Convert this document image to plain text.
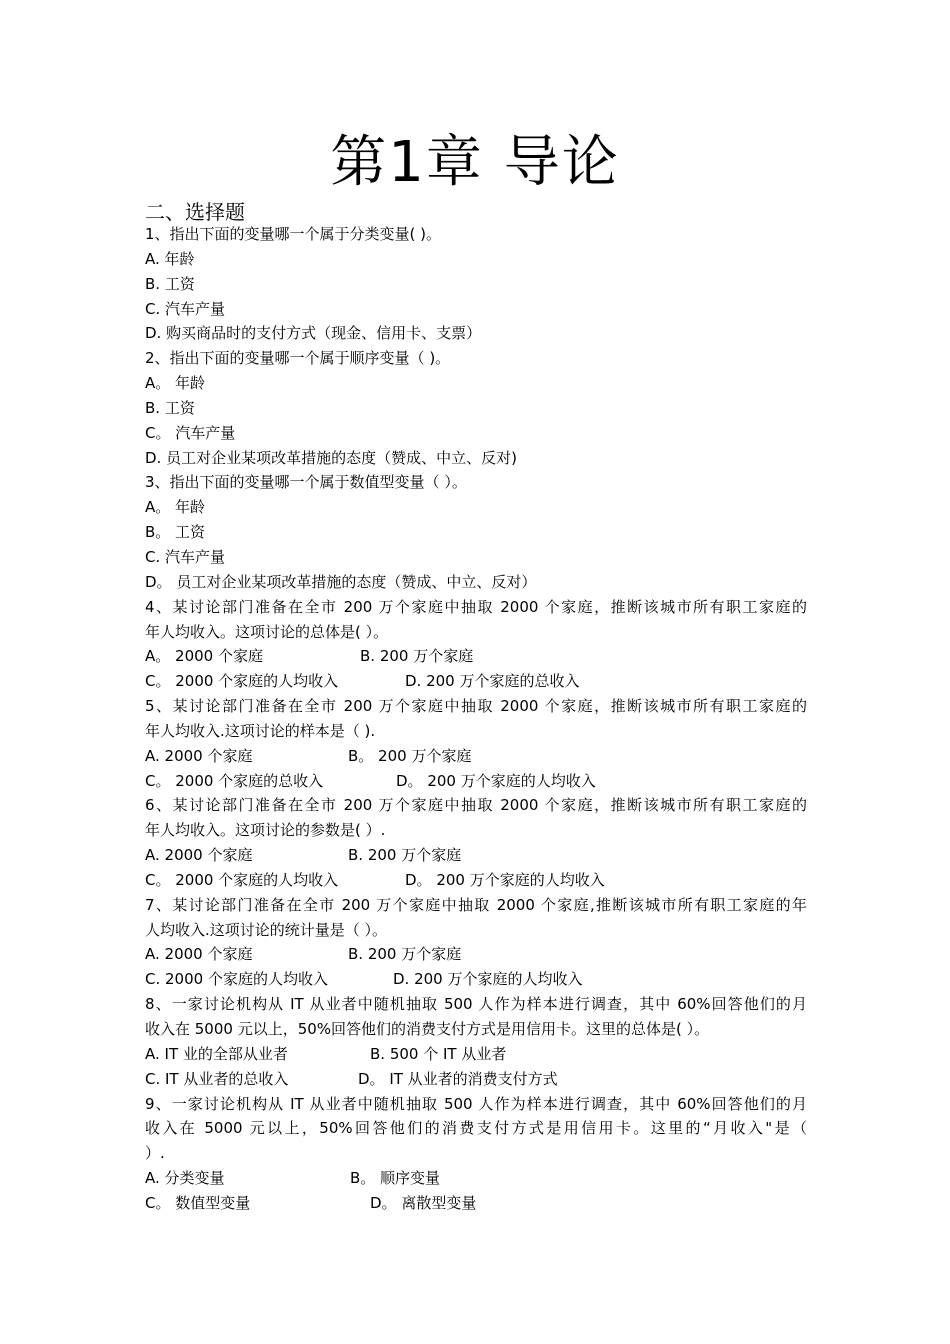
第1章 导论
二、选择题
1、指出下面的变量哪一个属于分类变量( )。
A. 年龄
B. 工资
C. 汽车产量
D. 购买商品时的支付方式（现金、信用卡、支票）
2、指出下面的变量哪一个属于顺序变量（ )。
A。 年龄
B. 工资
C。 汽车产量
D. 员工对企业某项改革措施的态度（赞成、中立、反对)
3、指出下面的变量哪一个属于数值型变量（ ）。
A。 年龄
B。 工资
C. 汽车产量
D。 员工对企业某项改革措施的态度（赞成、中立、反对）
4、某讨论部门准备在全市 200 万个家庭中抽取 2000 个家庭，推断该城市所有职工家庭的
年人均收入。这项讨论的总体是( ）。
A。 2000 个家庭	B. 200 万个家庭
C。 2000 个家庭的人均收入	D. 200 万个家庭的总收入
5、某讨论部门准备在全市 200 万个家庭中抽取 2000 个家庭，推断该城市所有职工家庭的
年人均收入.这项讨论的样本是（ ).
A. 2000 个家庭	B。 200 万个家庭
C。 2000 个家庭的总收入	D。 200 万个家庭的人均收入
6、某讨论部门准备在全市 200 万个家庭中抽取 2000 个家庭，推断该城市所有职工家庭的
年人均收入。这项讨论的参数是( ）.
A. 2000 个家庭	B. 200 万个家庭
C。 2000 个家庭的人均收入	D。 200 万个家庭的人均收入
7、某讨论部门准备在全市 200 万个家庭中抽取 2000 个家庭,推断该城市所有职工家庭的年
人均收入.这项讨论的统计量是（ ）。
A. 2000 个家庭	B. 200 万个家庭
C. 2000 个家庭的人均收入	D. 200 万个家庭的人均收入
8、一家讨论机构从 IT 从业者中随机抽取 500 人作为样本进行调查，其中 60%回答他们的月
收入在 5000 元以上，50%回答他们的消费支付方式是用信用卡。这里的总体是( ）。
A. IT 业的全部从业者	B. 500 个 IT 从业者
C. IT 从业者的总收入	D。 IT 从业者的消费支付方式
9、一家讨论机构从 IT 从业者中随机抽取 500 人作为样本进行调查，其中 60%回答他们的月
收入在 5000 元以上，50%回答他们的消费支付方式是用信用卡。这里的“月收入"是（
）.
A. 分类变量	B。 顺序变量
C。 数值型变量	D。 离散型变量
